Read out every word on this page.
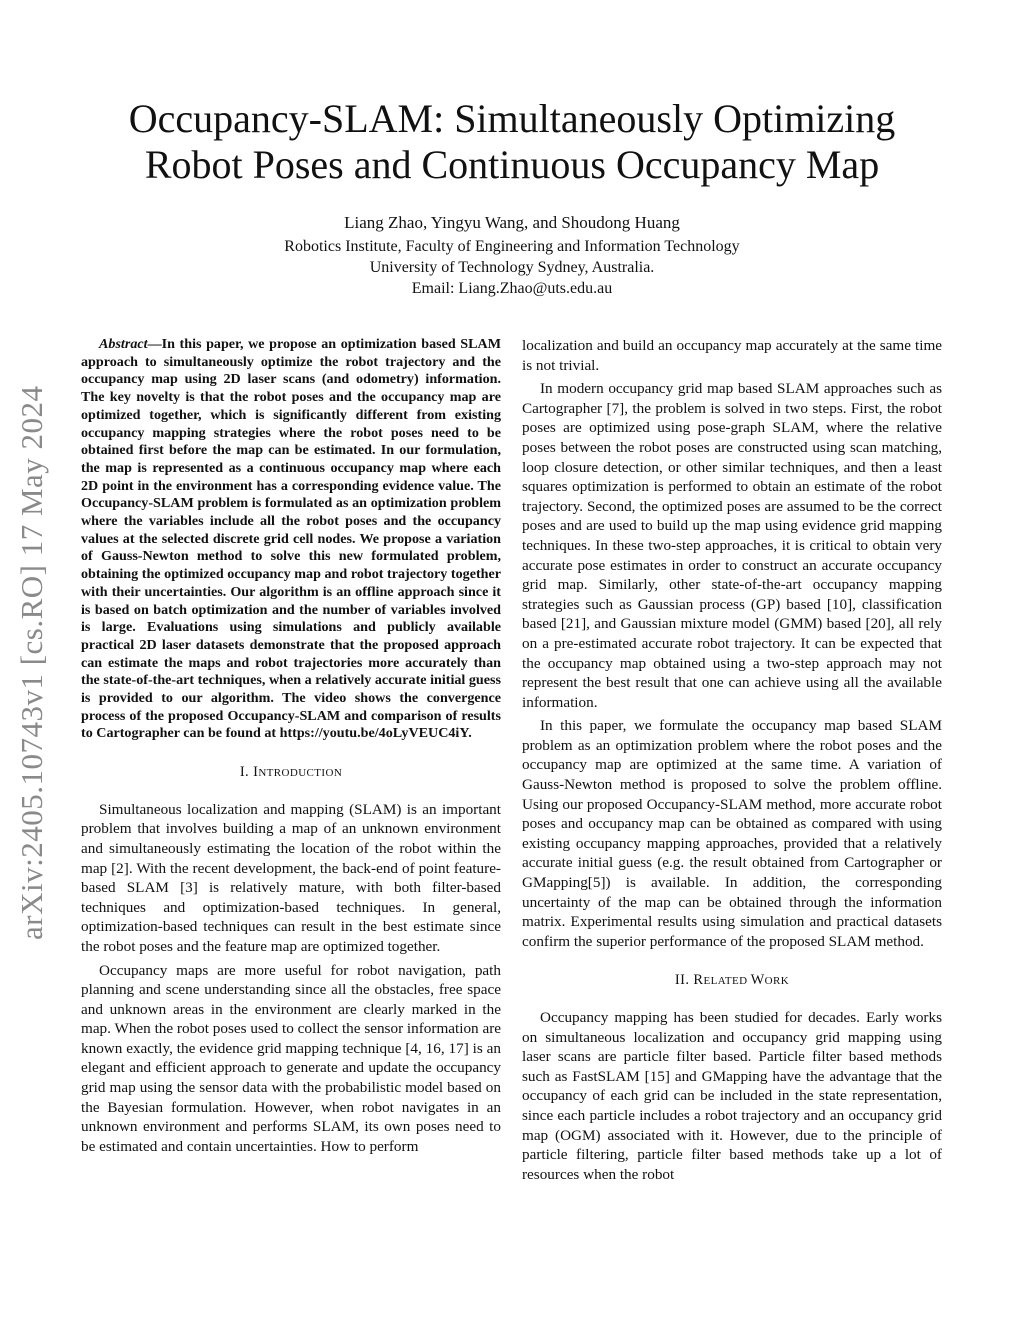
Occupancy-SLAM: Simultaneously Optimizing
Robot Poses and Continuous Occupancy Map
Liang Zhao, Yingyu Wang, and Shoudong Huang
Robotics Institute, Faculty of Engineering and Information Technology
University of Technology Sydney, Australia.
Email: Liang.Zhao@uts.edu.au
arXiv:2405.10743v1 [cs.RO] 17 May 2024

Abstract—In this paper, we propose an optimization based SLAM approach to simultaneously optimize the robot trajectory and the occupancy map using 2D laser scans (and odometry) information. The key novelty is that the robot poses and the occupancy map are optimized together, which is significantly different from existing occupancy mapping strategies where the robot poses need to be obtained first before the map can be estimated. In our formulation, the map is represented as a continuous occupancy map where each 2D point in the environment has a corresponding evidence value. The Occupancy-SLAM problem is formulated as an optimization problem where the variables include all the robot poses and the occupancy values at the selected discrete grid cell nodes. We propose a variation of Gauss-Newton method to solve this new formulated problem, obtaining the optimized occupancy map and robot trajectory together with their uncertainties. Our algorithm is an offline approach since it is based on batch optimization and the number of variables involved is large. Evaluations using simulations and publicly available practical 2D laser datasets demonstrate that the proposed approach can estimate the maps and robot trajectories more accurately than the state-of-the-art techniques, when a relatively accurate initial guess is provided to our algorithm. The video shows the convergence process of the proposed Occupancy-SLAM and comparison of results to Cartographer can be found at https://youtu.be/4oLyVEUC4iY.

I. INTRODUCTION

Simultaneous localization and mapping (SLAM) is an important problem that involves building a map of an unknown environment and simultaneously estimating the location of the robot within the map [2]. With the recent development, the back-end of point feature-based SLAM [3] is relatively mature, with both filter-based techniques and optimization-based techniques. In general, optimization-based techniques can result in the best estimate since the robot poses and the feature map are optimized together.

Occupancy maps are more useful for robot navigation, path planning and scene understanding since all the obstacles, free space and unknown areas in the environment are clearly marked in the map. When the robot poses used to collect the sensor information are known exactly, the evidence grid mapping technique [4, 16, 17] is an elegant and efficient approach to generate and update the occupancy grid map using the sensor data with the probabilistic model based on the Bayesian formulation. However, when robot navigates in an unknown environment and performs SLAM, its own poses need to be estimated and contain uncertainties. How to perform

localization and build an occupancy map accurately at the same time is not trivial.

In modern occupancy grid map based SLAM approaches such as Cartographer [7], the problem is solved in two steps. First, the robot poses are optimized using pose-graph SLAM, where the relative poses between the robot poses are constructed using scan matching, loop closure detection, or other similar techniques, and then a least squares optimization is performed to obtain an estimate of the robot trajectory. Second, the optimized poses are assumed to be the correct poses and are used to build up the map using evidence grid mapping techniques. In these two-step approaches, it is critical to obtain very accurate pose estimates in order to construct an accurate occupancy grid map. Similarly, other state-of-the-art occupancy mapping strategies such as Gaussian process (GP) based [10], classification based [21], and Gaussian mixture model (GMM) based [20], all rely on a pre-estimated accurate robot trajectory. It can be expected that the occupancy map obtained using a two-step approach may not represent the best result that one can achieve using all the available information.

In this paper, we formulate the occupancy map based SLAM problem as an optimization problem where the robot poses and the occupancy map are optimized at the same time. A variation of Gauss-Newton method is proposed to solve the problem offline. Using our proposed Occupancy-SLAM method, more accurate robot poses and occupancy map can be obtained as compared with using existing occupancy mapping approaches, provided that a relatively accurate initial guess (e.g. the result obtained from Cartographer or GMapping[5]) is available. In addition, the corresponding uncertainty of the map can be obtained through the information matrix. Experimental results using simulation and practical datasets confirm the superior performance of the proposed SLAM method.

II. RELATED WORK

Occupancy mapping has been studied for decades. Early works on simultaneous localization and occupancy grid mapping using laser scans are particle filter based. Particle filter based methods such as FastSLAM [15] and GMapping have the advantage that the occupancy of each grid can be included in the state representation, since each particle includes a robot trajectory and an occupancy grid map (OGM) associated with it. However, due to the principle of particle filtering, particle filter based methods take up a lot of resources when the robot
